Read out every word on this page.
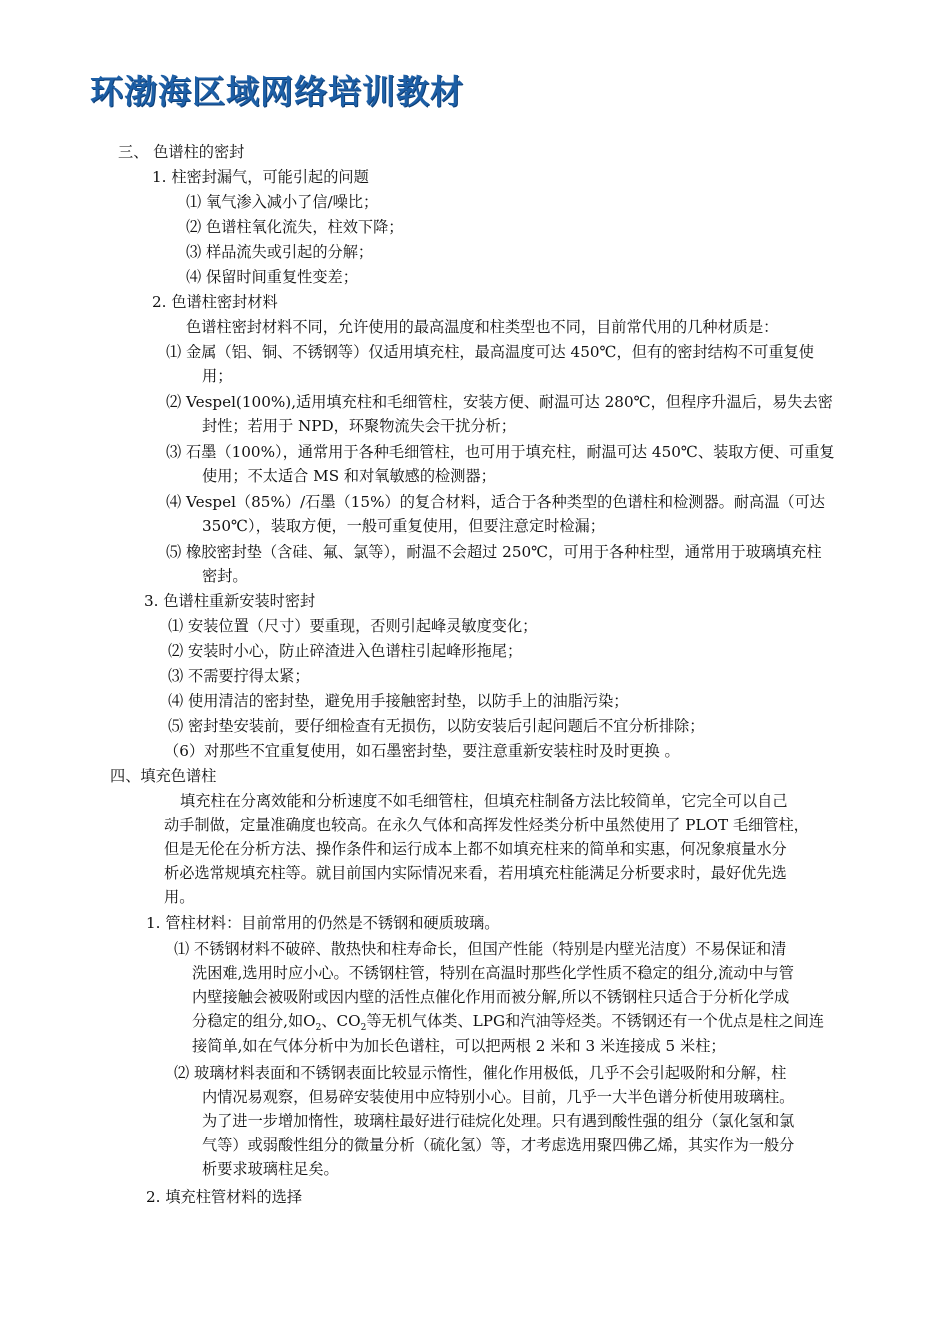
环渤海区域网络培训教材
三、 色谱柱的密封
1. 柱密封漏气，可能引起的问题
⑴ 氧气渗入减小了信/噪比；
⑵ 色谱柱氧化流失，柱效下降；
⑶ 样品流失或引起的分解；
⑷ 保留时间重复性变差；
2. 色谱柱密封材料
色谱柱密封材料不同，允许使用的最高温度和柱类型也不同，目前常代用的几种材质是：
⑴ 金属（铝、铜、不锈钢等）仅适用填充柱，最高温度可达 450℃，但有的密封结构不可重复使
用；
⑵ Vespel(100%),适用填充柱和毛细管柱，安装方便、耐温可达 280℃，但程序升温后，易失去密
封性；若用于 NPD，环聚物流失会干扰分析；
⑶ 石墨（100%），通常用于各种毛细管柱，也可用于填充柱，耐温可达 450℃、装取方便、可重复
使用；不太适合 MS 和对氧敏感的检测器；
⑷ Vespel（85%）/石墨（15%）的复合材料，适合于各种类型的色谱柱和检测器。耐高温（可达
350℃），装取方便，一般可重复使用，但要注意定时检漏；
⑸ 橡胶密封垫（含硅、氟、氯等），耐温不会超过 250℃，可用于各种柱型，通常用于玻璃填充柱
密封。
3. 色谱柱重新安装时密封
⑴ 安装位置（尺寸）要重现，否则引起峰灵敏度变化；
⑵ 安装时小心，防止碎渣进入色谱柱引起峰形拖尾；
⑶ 不需要拧得太紧；
⑷ 使用清洁的密封垫，避免用手接触密封垫，以防手上的油脂污染；
⑸ 密封垫安装前，要仔细检查有无损伤，以防安装后引起问题后不宜分析排除；
（6）对那些不宜重复使用，如石墨密封垫，要注意重新安装柱时及时更换 。
四、填充色谱柱
填充柱在分离效能和分析速度不如毛细管柱，但填充柱制备方法比较简单，它完全可以自己
动手制做，定量准确度也较高。在永久气体和高挥发性烃类分析中虽然使用了 PLOT 毛细管柱，
但是无伦在分析方法、操作条件和运行成本上都不如填充柱来的简单和实惠，何况象痕量水分
析必选常规填充柱等。就目前国内实际情况来看，若用填充柱能满足分析要求时，最好优先选
用。
1. 管柱材料：目前常用的仍然是不锈钢和硬质玻璃。
⑴ 不锈钢材料不破碎、散热快和柱寿命长，但国产性能（特别是内壁光洁度）不易保证和清
洗困难,选用时应小心。不锈钢柱管，特别在高温时那些化学性质不稳定的组分,流动中与管
内壁接触会被吸附或因内壁的活性点催化作用而被分解,所以不锈钢柱只适合于分析化学成
分稳定的组分,如$O_2$、$CO_2$等无机气体类、LPG和汽油等烃类。不锈钢还有一个优点是柱之间连
接简单,如在气体分析中为加长色谱柱，可以把两根 2 米和 3 米连接成 5 米柱；
⑵ 玻璃材料表面和不锈钢表面比较显示惰性，催化作用极低，几乎不会引起吸附和分解，柱
内情况易观察，但易碎安装使用中应特别小心。目前，几乎一大半色谱分析使用玻璃柱。
为了进一步增加惰性，玻璃柱最好进行硅烷化处理。只有遇到酸性强的组分（氯化氢和氯
气等）或弱酸性组分的微量分析（硫化氢）等，才考虑选用聚四佛乙烯，其实作为一般分
析要求玻璃柱足矣。
2. 填充柱管材料的选择
